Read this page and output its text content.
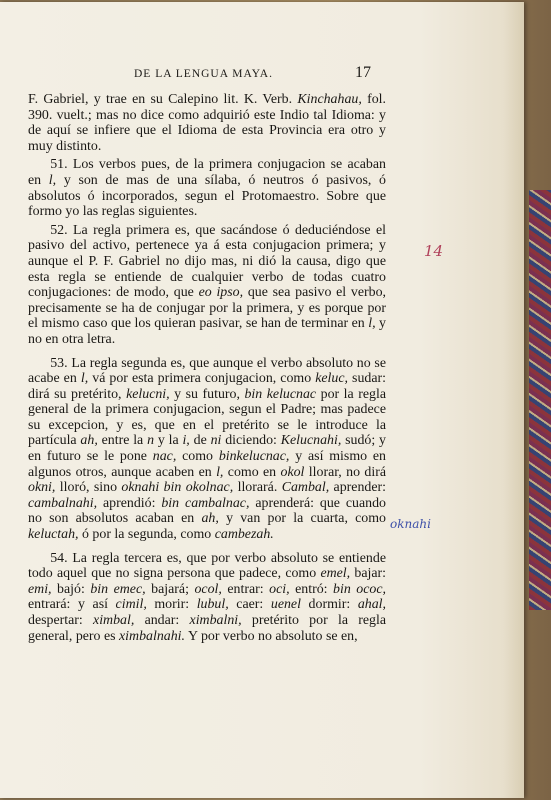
DE LA LENGUA MAYA.	17

F. Gabriel, y trae en su Calepino lit. K. Verb. Kinchahau, fol. 390. vuelt.; mas no dice como adquirió este Indio tal Idioma: y de aquí se infiere que el Idioma de esta Provincia era otro y muy distinto.

51. Los verbos pues, de la primera conjugacion se acaban en l, y son de mas de una sílaba, ó neutros ó pasivos, ó absolutos ó incorporados, segun el Protomaestro. Sobre que formo yo las reglas siguientes.

52. La regla primera es, que sacándose ó deduciéndose el pasivo del activo, pertenece ya á esta conjugacion primera; y aunque el P. F. Gabriel no dijo mas, ni dió la causa, digo que esta regla se entiende de cualquier verbo de todas cuatro conjugaciones: de modo, que eo ipso, que sea pasivo el verbo, precisamente se ha de conjugar por la primera, y es porque por el mismo caso que los quieran pasivar, se han de terminar en l, y no en otra letra.

53. La regla segunda es, que aunque el verbo absoluto no se acabe en l, vá por esta primera conjugacion, como keluc, sudar: dirá su pretérito, kelucni, y su futuro, bin kelucnac por la regla general de la primera conjugacion, segun el Padre; mas padece su excepcion, y es, que en el pretérito se le introduce la partícula ah, entre la n y la i, de ni diciendo: Kelucnahi, sudó; y en futuro se le pone nac, como binkelucnac, y así mismo en algunos otros, aunque acaben en l, como en okol llorar, no dirá okni, lloró, sino oknahi bin okolnac, llorará. Cambal, aprender: cambalnahi, aprendió: bin cambalnac, aprenderá: que cuando no son absolutos acaban en ah, y van por la cuarta, como keluctah, ó por la segunda, como cambezah.

54. La regla tercera es, que por verbo absoluto se entiende todo aquel que no signa persona que padece, como emel, bajar: emi, bajó: bin emec, bajará; ocol, entrar: oci, entró: bin ococ, entrará: y así cimil, morir: lubul, caer: uenel dormir: ahal, despertar: ximbal, andar: ximbalni, pretérito por la regla general, pero es ximbalnahi. Y por verbo no absoluto se en,

14
oknahi
